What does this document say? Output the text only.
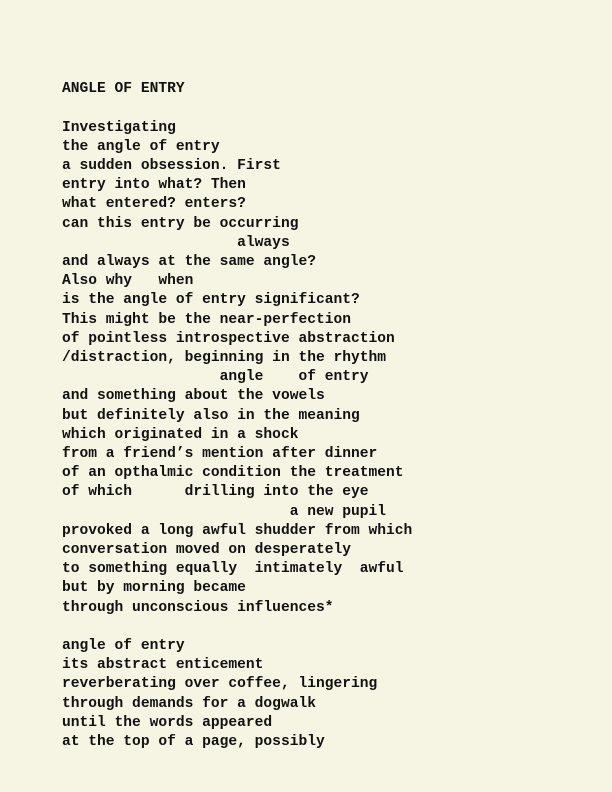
ANGLE OF ENTRY
Investigating
the angle of entry
a sudden obsession. First
entry into what? Then
what entered? enters?
can this entry be occurring
always
and always at the same angle?
Also why   when
is the angle of entry significant?
This might be the near-perfection
of pointless introspective abstraction
/distraction, beginning in the rhythm
angle    of entry
and something about the vowels
but definitely also in the meaning
which originated in a shock
from a friend’s mention after dinner
of an opthalmic condition the treatment
of which      drilling into the eye
a new pupil
provoked a long awful shudder from which
conversation moved on desperately
to something equally  intimately  awful
but by morning became
through unconscious influences*
angle of entry
its abstract enticement
reverberating over coffee, lingering
through demands for a dogwalk
until the words appeared
at the top of a page, possibly
